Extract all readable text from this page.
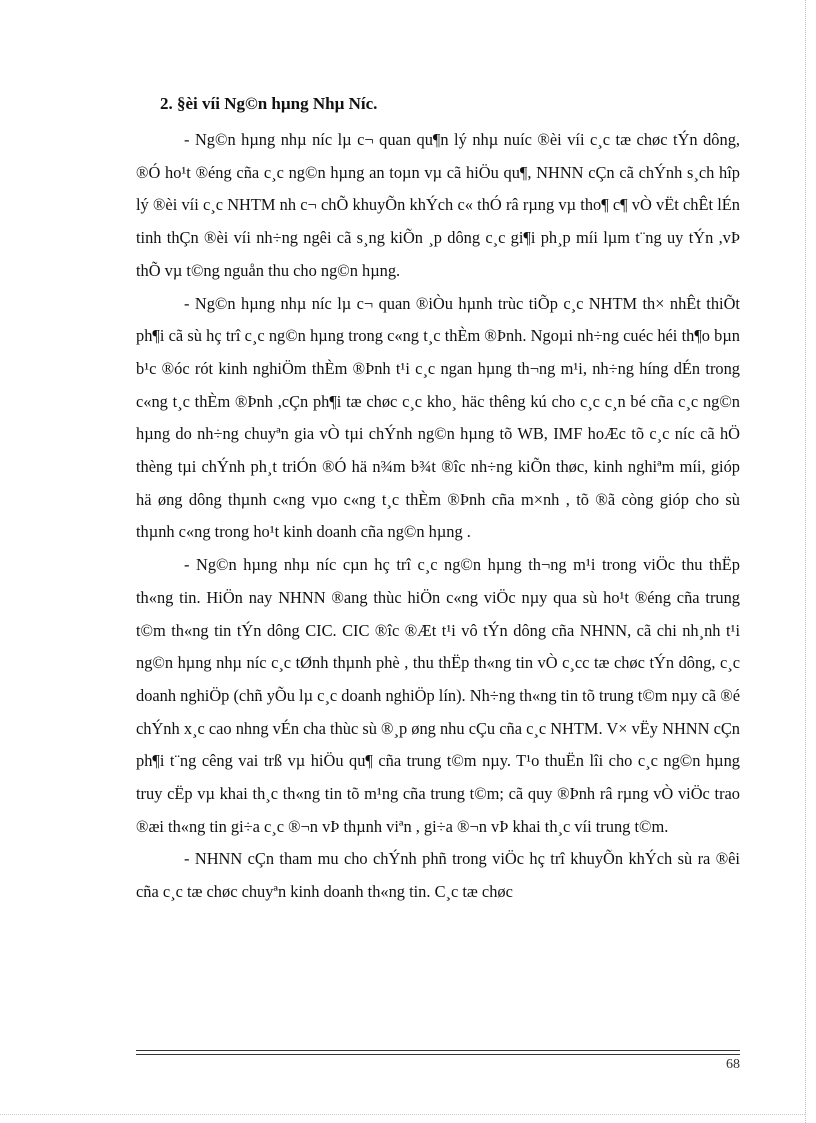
2. §èi víi Ng©n hµng Nhµ Níc.

- Ng©n hµng nhµ níc lµ c¬ quan qu¶n lý nhµ nuíc ®èi víi c¸c tæ chøc tÝn dông, ®Ó ho¹t ®éng cña c¸c ng©n hµng an toµn vµ cã hiÖu qu¶, NHNN cÇn cã chÝnh s¸ch hîp lý ®èi víi c¸c NHTM nh c¬ chÕ khuyÕn khÝch c« thÓ râ rµng vµ tho¶ c¶ vÒ vËt chÊt lÉn tinh thÇn ®èi víi nh÷ng ngêi cã s¸ng kiÕn ¸p dông c¸c gi¶i ph¸p míi lµm t¨ng uy tÝn ,vÞ thÕ vµ t©ng nguån thu cho ng©n hµng.

- Ng©n hµng nhµ níc lµ c¬ quan ®iÒu hµnh trùc tiÕp c¸c NHTM th× nhÊt thiÕt ph¶i cã sù hç trî c¸c ng©n hµng trong c«ng t¸c thÈm ®Þnh. Ngoµi nh÷ng cuéc héi th¶o bµn b¹c ®óc rót kinh nghiÖm thÈm ®Þnh t¹i c¸c ngan hµng th¬ng m¹i, nh÷ng híng dÉn trong c«ng t¸c thÈm ®Þnh ,cÇn ph¶i tæ chøc c¸c kho¸ häc thêng kú cho c¸c c¸n bé cña c¸c ng©n hµng do nh÷ng chuyªn gia vÒ tµi chÝnh ng©n hµng tõ WB, IMF hoÆc tõ c¸c níc cã hÖ thèng tµi chÝnh ph¸t triÓn ®Ó hä n¾m b¾t ®îc nh÷ng kiÕn thøc, kinh nghiªm míi, gióp hä øng dông thµnh c«ng vµo c«ng t¸c thÈm ®Þnh cña m×nh , tõ ®ã còng gióp cho sù thµnh c«ng trong ho¹t kinh doanh cña ng©n hµng .

- Ng©n hµng nhµ níc cµn hç trî c¸c ng©n hµng th¬ng m¹i trong viÖc thu thËp th«ng tin. HiÖn nay NHNN ®ang thùc hiÖn c«ng viÖc nµy qua sù ho¹t ®éng cña trung t©m th«ng tin tÝn dông CIC. CIC ®îc ®Æt t¹i vô tÝn dông cña NHNN, cã chi nh¸nh t¹i ng©n hµng nhµ níc c¸c tØnh thµnh phè , thu thËp th«ng tin vÒ c¸cc tæ chøc tÝn dông, c¸c doanh nghiÖp (chñ yÕu lµ c¸c doanh nghiÖp lín). Nh÷ng th«ng tin tõ trung t©m nµy cã ®é chÝnh x¸c cao nhng vÉn cha thùc sù ®¸p øng nhu cÇu cña c¸c NHTM. V× vËy NHNN cÇn ph¶i t¨ng cêng vai trß vµ hiÖu qu¶ cña trung t©m nµy. T¹o thuËn lîi cho c¸c ng©n hµng truy cËp vµ khai th¸c th«ng tin tõ m¹ng cña trung t©m; cã quy ®Þnh râ rµng vÒ viÖc trao ®æi th«ng tin gi÷a c¸c ®¬n vÞ thµnh viªn , gi÷a ®¬n vÞ khai th¸c víi trung t©m.

- NHNN cÇn tham mu cho chÝnh phñ trong viÖc hç trî khuyÕn khÝch sù ra ®êi cña c¸c tæ chøc chuyªn kinh doanh th«ng tin. C¸c tæ chøc

68
